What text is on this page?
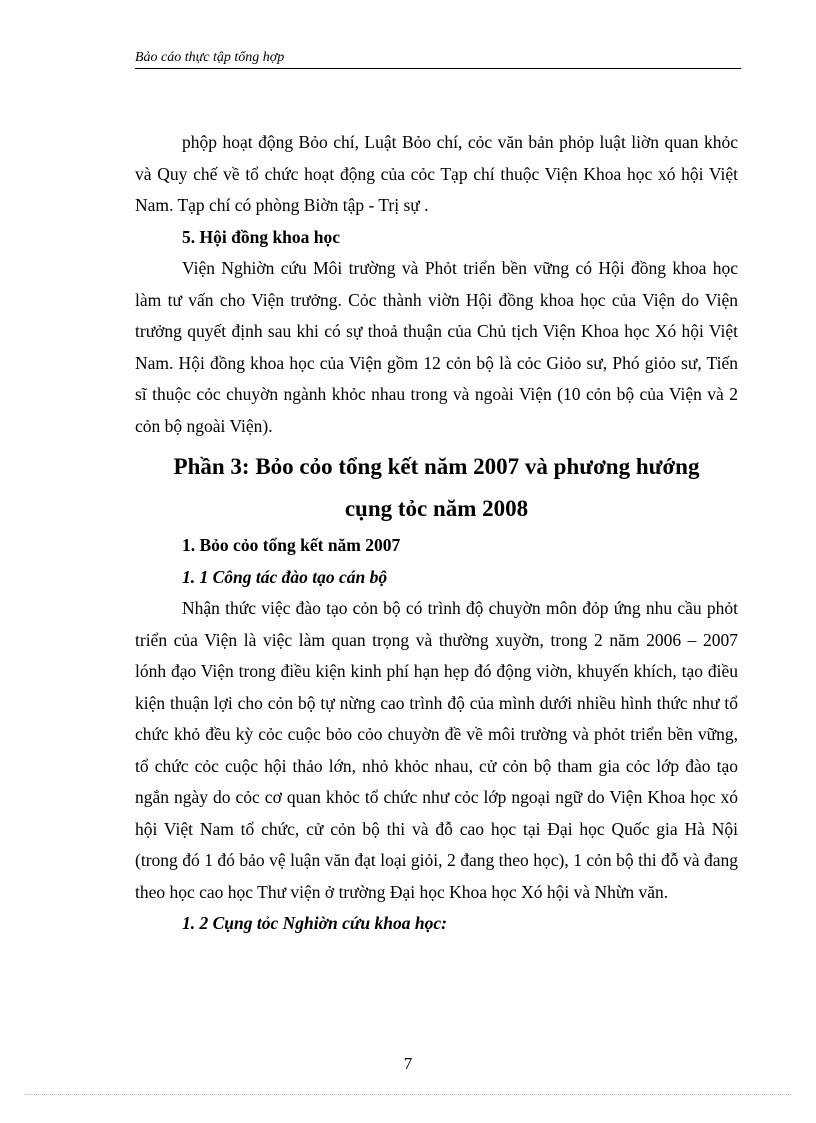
Bảo cáo thực tập tổng hợp

phộp hoạt động Bỏo chí, Luật Bỏo chí, cỏc văn bản phỏp luật liờn quan khỏc và Quy chế về tổ chức hoạt động của cỏc Tạp chí thuộc Viện Khoa học xó hội Việt Nam. Tạp chí có phòng Biờn tập - Trị sự .

5. Hội đồng khoa học

Viện Nghiờn cứu Môi trường và Phỏt triển bền vững có Hội đồng khoa học làm tư vấn cho Viện trưởng. Cỏc thành viờn Hội đồng khoa học của Viện do Viện trưởng quyết định sau khi có sự thoả thuận của Chủ tịch Viện Khoa học Xó hội Việt Nam. Hội đồng khoa học của Viện gồm 12 cỏn bộ là cỏc Giỏo sư, Phó giỏo sư, Tiến sĩ thuộc cỏc chuyờn ngành khỏc nhau trong và ngoài Viện (10 cỏn bộ của Viện và 2 cỏn bộ ngoài Viện).

Phần 3: Bỏo cỏo tổng kết năm 2007 và phương hướng
cụng tỏc năm 2008
1. Bỏo cỏo tổng kết năm 2007
1. 1 Công tác đào tạo cán bộ

Nhận thức việc đào tạo cỏn bộ có trình độ chuyờn môn đỏp ứng nhu cầu phỏt triển của Viện là việc làm quan trọng và thường xuyờn, trong 2 năm 2006 – 2007 lónh đạo Viện trong điều kiện kinh phí hạn hẹp đó động viờn, khuyến khích, tạo điều kiện thuận lợi cho cỏn bộ tự nừng cao trình độ của mình dưới nhiều hình thức như tổ chức khỏ đều kỳ cỏc cuộc bỏo cỏo chuyờn đề về môi trường và phỏt triển bền vững, tổ chức cỏc cuộc hội thảo lớn, nhỏ khỏc nhau, cử cỏn bộ tham gia cỏc lớp đào tạo ngắn ngày do cỏc cơ quan khỏc tổ chức như cỏc lớp ngoại ngữ do Viện Khoa học xó hội Việt Nam tổ chức, cử cỏn bộ thi và đỗ cao học tại Đại học Quốc gia Hà Nội (trong đó 1 đó bảo vệ luận văn đạt loại giỏi, 2 đang theo học), 1 cỏn bộ thi đỗ và đang theo học cao học Thư viện ở trường Đại học Khoa học Xó hội và Nhừn văn.

1. 2 Cụng tỏc Nghiờn cứu khoa học:
7
